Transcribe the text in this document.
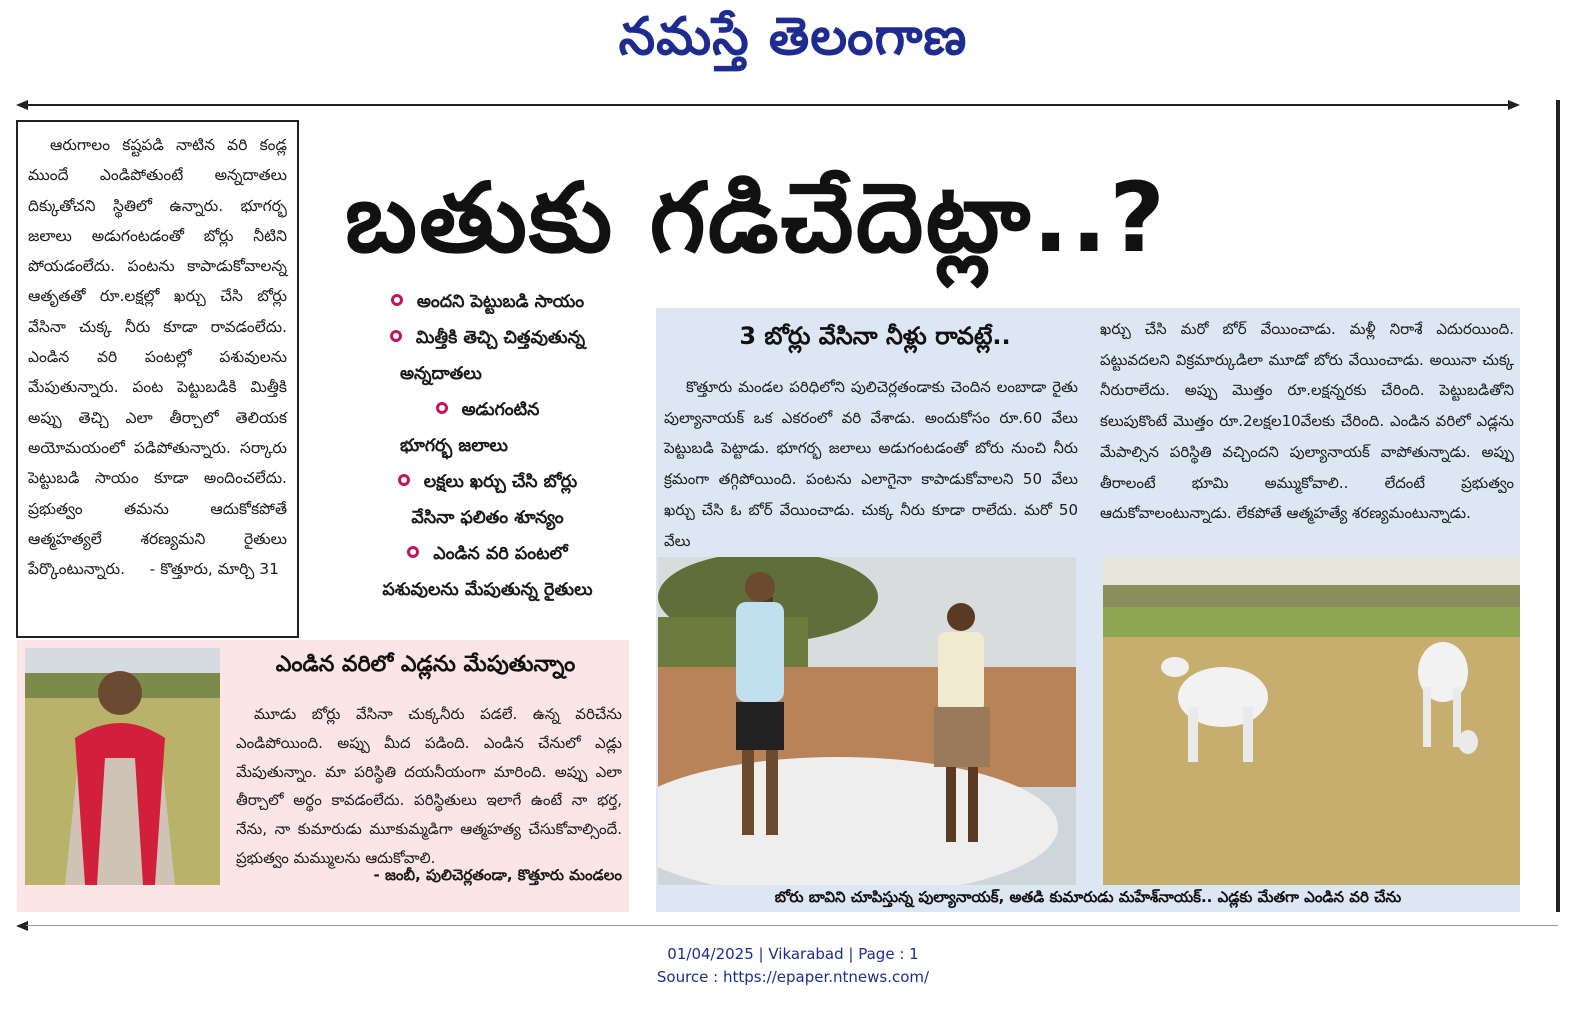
నమస్తే తెలంగాణ
ఆరుగాలం కష్టపడి నాటిన వరి కండ్ల ముందే ఎండిపోతుంటే అన్నదాతలు దిక్కుతోచని స్థితిలో ఉన్నారు. భూగర్భ జలాలు అడుగంటడంతో బోర్లు నీటిని పోయడంలేదు. పంటను కాపాడుకోవాలన్న ఆతృతతో రూ.లక్షల్లో ఖర్చు చేసి బోర్లు వేసినా చుక్క నీరు కూడా రావడంలేదు. ఎండిన వరి పంటల్లో పశువులను మేపుతున్నారు. పంట పెట్టుబడికి మిత్తీకి అప్పు తెచ్చి ఎలా తీర్చాలో తెలియక అయోమయంలో పడిపోతున్నారు. సర్కారు పెట్టుబడి సాయం కూడా అందించలేదు. ప్రభుత్వం తమను ఆదుకోకపోతే ఆత్మహత్యలే శరణ్యమని రైతులు పేర్కొంటున్నారు. - కొత్తూరు, మార్చి 31
బతుకు గడిచేదెట్లా..?
అందని పెట్టుబడి సాయం
మిత్తీకి తెచ్చి చిత్తవుతున్న
అన్నదాతలు
అడుగంటిన
భూగర్భ జలాలు
లక్షలు ఖర్చు చేసి బోర్లు
వేసినా ఫలితం శూన్యం
ఎండిన వరి పంటలో
పశువులను మేపుతున్న రైతులు
3 బోర్లు వేసినా నీళ్లు రావట్లే..
కొత్తూరు మండల పరిధిలోని పులిచెర్లతండాకు చెందిన లంబాడా రైతు పుల్యానాయక్ ఒక ఎకరంలో వరి వేశాడు. అందుకోసం రూ.60 వేలు పెట్టుబడి పెట్టాడు. భూగర్భ జలాలు అడుగంటడంతో బోరు నుంచి నీరు క్రమంగా తగ్గిపోయింది. పంటను ఎలాగైనా కాపాడుకోవాలని 50 వేలు ఖర్చు చేసి ఓ బోర్ వేయించాడు. చుక్క నీరు కూడా రాలేదు. మరో 50 వేలు
ఖర్చు చేసి మరో బోర్ వేయించాడు. మళ్లీ నిరాశే ఎదురయింది. పట్టువదలని విక్రమార్కుడిలా మూడో బోరు వేయించాడు. అయినా చుక్క నీరురాలేదు. అప్పు మొత్తం రూ.లక్షన్నరకు చేరింది. పెట్టుబడితోని కలుపుకొంటే మొత్తం రూ.2లక్షల10వేలకు చేరింది. ఎండిన వరిలో ఎడ్లను మేపాల్సిన పరిస్థితి వచ్చిందని పుల్యానాయక్ వాపోతున్నాడు. అప్పు తీరాలంటే భూమి అమ్ముకోవాలి.. లేదంటే ప్రభుత్వం ఆదుకోవాలంటున్నాడు. లేకపోతే ఆత్మహత్యే శరణ్యమంటున్నాడు.
బోరు బావిని చూపిస్తున్న పుల్యానాయక్, అతడి కుమారుడు మహేశ్‌నాయక్.. ఎడ్లకు మేతగా ఎండిన వరి చేను
ఎండిన వరిలో ఎడ్లను మేపుతున్నాం
మూడు బోర్లు వేసినా చుక్కనీరు పడలే. ఉన్న వరిచేను ఎండిపోయింది. అప్పు మీద పడింది. ఎండిన చేనులో ఎడ్లు మేపుతున్నాం. మా పరిస్థితి దయనీయంగా మారింది. అప్పు ఎలా తీర్చాలో అర్థం కావడంలేదు. పరిస్థితులు ఇలాగే ఉంటే నా భర్త, నేను, నా కుమారుడు మూకుమ్మడిగా ఆత్మహత్య చేసుకోవాల్సిందే. ప్రభుత్వం మమ్ములను ఆదుకోవాలి.
- జంబీ, పులిచెర్లతండా, కొత్తూరు మండలం
01/04/2025 | Vikarabad | Page : 1
Source : https://epaper.ntnews.com/
